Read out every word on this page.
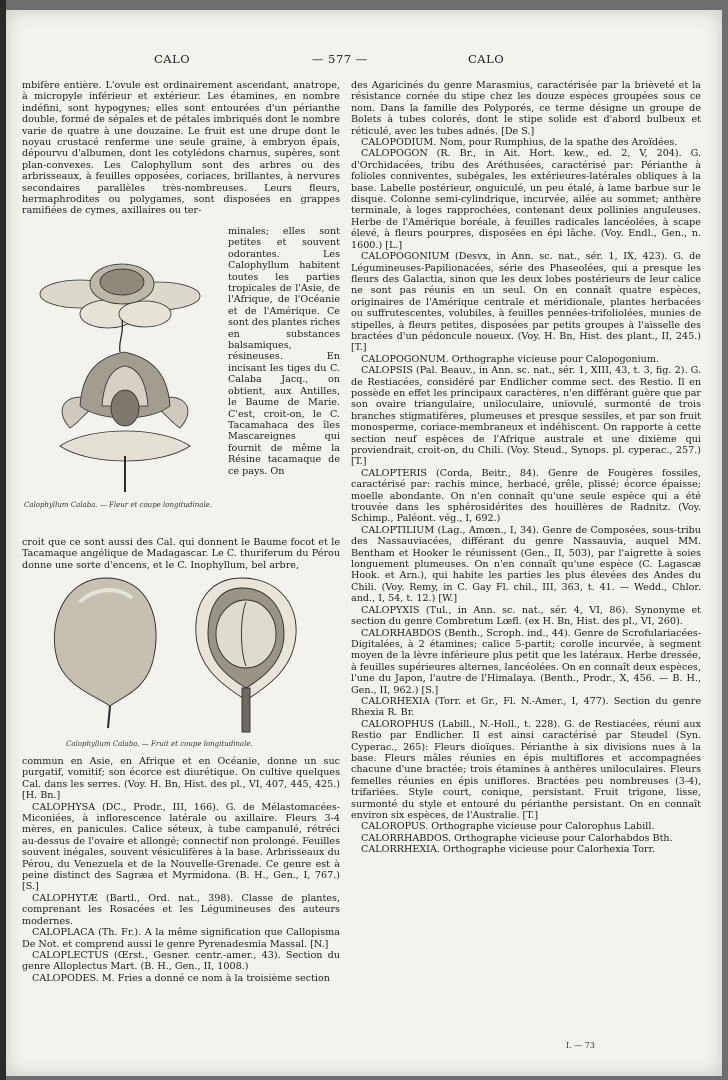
CALO	— 577 —	CALO

mbifère entière. L'ovule est ordinairement ascendant, anatrope, à micropyle inférieur et extérieur. Les étamines, en nombre indéfini, sont hypogynes; elles sont entourées d'un périanthe double, formé de sépales et de pétales imbriqués dont le nombre varie de quatre à une douzaine. Le fruit est une drupe dont le noyau crustacé renferme une seule graine, à embryon épais, dépourvu d'albumen, dont les cotylédons charnus, supères, sont plan-convexes. Les Calophyllum sont des arbres ou des arbrisseaux, à feuilles opposées, coriaces, brillantes, à nervures secondaires parallèles très-nombreuses. Leurs fleurs, hermaphrodites ou polygames, sont disposées en grappes ramifiées de cymes, axillaires ou ter-

minales; elles sont petites et souvent odorantes. Les Calophyllum habitent toutes les parties tropicales de l'Asie, de l'Afrique, de l'Océanie et de l'Amérique. Ce sont des plantes riches en substances balsamiques, résineuses. En incisant les tiges du C. Calaba Jacq., on obtient, aux Antilles, le Baume de Marie. C'est, croit-on, le C. Tacamahaca des îles Mascareignes qui fournit de même la Résine tacamaque de ce pays. On

Calophyllum Calaba. — Fleur et coupe longitudinale.

croit que ce sont aussi des Cal. qui donnent le Baume focot et le Tacamaque angélique de Madagascar. Le C. thuriferum du Pérou donne une sorte d'encens, et le C. Inophyllum, bel arbre,

Calophyllum Calaba. — Fruit et coupe longitudinale.

commun en Asie, en Afrique et en Océanie, donne un suc purgatif, vomitif; son écorce est diurétique. On cultive quelques Cal. dans les serres. (Voy. H. Bn, Hist. des pl., VI, 407, 445, 425.) [H. Bn.]

CALOPHYSA (DC., Prodr., III, 166). G. de Mélastomacées-Miconiées, à inflorescence latérale ou axillaire. Fleurs 3-4 mères, en panicules. Calice séteux, à tube campanulé, rétréci au-dessus de l'ovaire et allongé; connectif non prolongé. Feuilles souvent inégales, souvent vésiculifères à la base. Arbrisseaux du Pérou, du Venezuela et de la Nouvelle-Grenade. Ce genre est à peine distinct des Sagræa et Myrmidona. (B. H., Gen., I, 767.) [S.]

CALOPHYTÆ (Bartl., Ord. nat., 398). Classe de plantes, comprenant les Rosacées et les Légumineuses des auteurs modernes.

CALOPLACA (Th. Fr.). A la même signification que Callopisma De Not. et comprend aussi le genre Pyrenadesmia Massal. [N.]

CALOPLECTUS (Œrst., Gesner. centr.-amer., 43). Section du genre Alloplectus Mart. (B. H., Gen., II, 1008.)

CALOPODES. M. Fries a donné ce nom à la troisième section

des Agaricinés du genre Marasmius, caractérisée par la brièveté et la résistance cornée du stipe chez les douze espèces groupées sous ce nom. Dans la famille des Polyporés, ce terme désigne un groupe de Bolets à tubes colorés, dont le stipe solide est d'abord bulbeux et réticulé, avec les tubes adnés. [De S.]

CALOPODIUM. Nom, pour Rumphius, de la spathe des Aroïdées.

CALOPOGON (R. Br., in Ait. Hort. kew., ed. 2, V, 204). G. d'Orchidacées, tribu des Aréthusées, caractérisé par: Périanthe à folioles conniventes, subégales, les extérieures-latérales obliques à la base. Labelle postérieur, onguiculé, un peu étalé, à lame barbue sur le disque. Colonne semi-cylindrique, incurvée, ailée au sommet; anthère terminale, à loges rapprochées, contenant deux pollinies anguleuses. Herbe de l'Amérique boréale, à feuilles radicales lancéolées, à scape élevé, à fleurs pourpres, disposées en épi lâche. (Voy. Endl., Gen., n. 1600.) [L.]

CALOPOGONIUM (Desvx, in Ann. sc. nat., sér. 1, IX, 423). G. de Légumineuses-Papilionacées, série des Phaseolées, qui a presque les fleurs des Galactia, sinon que les deux lobes postérieurs de leur calice ne sont pas réunis en un seul. On en connaît quatre espèces, originaires de l'Amérique centrale et méridionale, plantes herbacées ou suffrutescentes, volubiles, à feuilles pennées-trifoliolées, munies de stipelles, à fleurs petites, disposées par petits groupes à l'aisselle des bractées d'un pédoncule noueux. (Voy. H. Bn, Hist. des plant., II, 245.) [T.]

CALOPOGONUM. Orthographe vicieuse pour Calopogonium.

CALOPSIS (Pal. Beauv., in Ann. sc. nat., sér. 1, XIII, 43, t. 3, fig. 2). G. de Restiacées, considéré par Endlicher comme sect. des Restio. Il en possède en effet les principaux caractères, n'en différant guère que par son ovaire triangulaire, uniloculaire, uniovulé, surmonté de trois branches stigmatifères, plumeuses et presque sessiles, et par son fruit monosperme, coriace-membraneux et indéhiscent. On rapporte à cette section neuf espèces de l'Afrique australe et une dixième qui proviendrait, croit-on, du Chili. (Voy. Steud., Synops. pl. cyperac., 257.) [T.]

CALOPTERIS (Corda, Beitr., 84). Genre de Fougères fossiles, caractérisé par: rachis mince, herbacé, grêle, plissé; écorce épaisse; moelle abondante. On n'en connaît qu'une seule espèce qui a été trouvée dans les sphérosidérites des houillères de Radnitz. (Voy. Schimp., Paléont. vég., I, 692.)

CALOPTILIUM (Lag., Amœn., I, 34). Genre de Composées, sous-tribu des Nassauviacées, différant du genre Nassauvia, auquel MM. Bentham et Hooker le réunissent (Gen., II, 503), par l'aigrette à soies longuement plumeuses. On n'en connaît qu'une espèce (C. Lagascæ Hook. et Arn.), qui habite les parties les plus élevées des Andes du Chili. (Voy. Remy, in C. Gay Fl. chil., III, 363, t. 41. — Wedd., Chlor. and., I, 54, t. 12.) [W.]

CALOPYXIS (Tul., in Ann. sc. nat., sér. 4, VI, 86). Synonyme et section du genre Combretum Lœfl. (ex H. Bn, Hist. des pl., VI, 260).

CALORHABDOS (Benth., Scroph. ind., 44). Genre de Scrofulariacées-Digitalées, à 2 étamines; calice 5-partit; corolle incurvée, à segment moyen de la lèvre inférieure plus petit que les latéraux. Herbe dressée, à feuilles supérieures alternes, lancéolées. On en connaît deux espèces, l'une du Japon, l'autre de l'Himalaya. (Benth., Prodr., X, 456. — B. H., Gen., II, 962.) [S.]

CALORHEXIA (Torr. et Gr., Fl. N.-Amer., I, 477). Section du genre Rhexia R. Br.

CALOROPHUS (Labill., N.-Holl., t. 228). G. de Restiacées, réuni aux Restio par Endlicher. Il est ainsi caractérisé par Steudel (Syn. Cyperac., 265): Fleurs dioïques. Périanthe à six divisions nues à la base. Fleurs mâles réunies en épis multiflores et accompagnées chacune d'une bractée; trois étamines à anthères uniloculaires. Fleurs femelles réunies en épis uniflores. Bractées peu nombreuses (3-4), trifariées. Style court, conique, persistant. Fruit trigone, lisse, surmonté du style et entouré du périanthe persistant. On en connaît environ six espèces, de l'Australie. [T.]

CALOROPUS. Orthographe vicieuse pour Calorophus Labill.

CALORRHABDOS. Orthographe vicieuse pour Calorhabdos Bth.

CALORRHEXIA. Orthographe vicieuse pour Calorhexia Torr.

I. — 73
